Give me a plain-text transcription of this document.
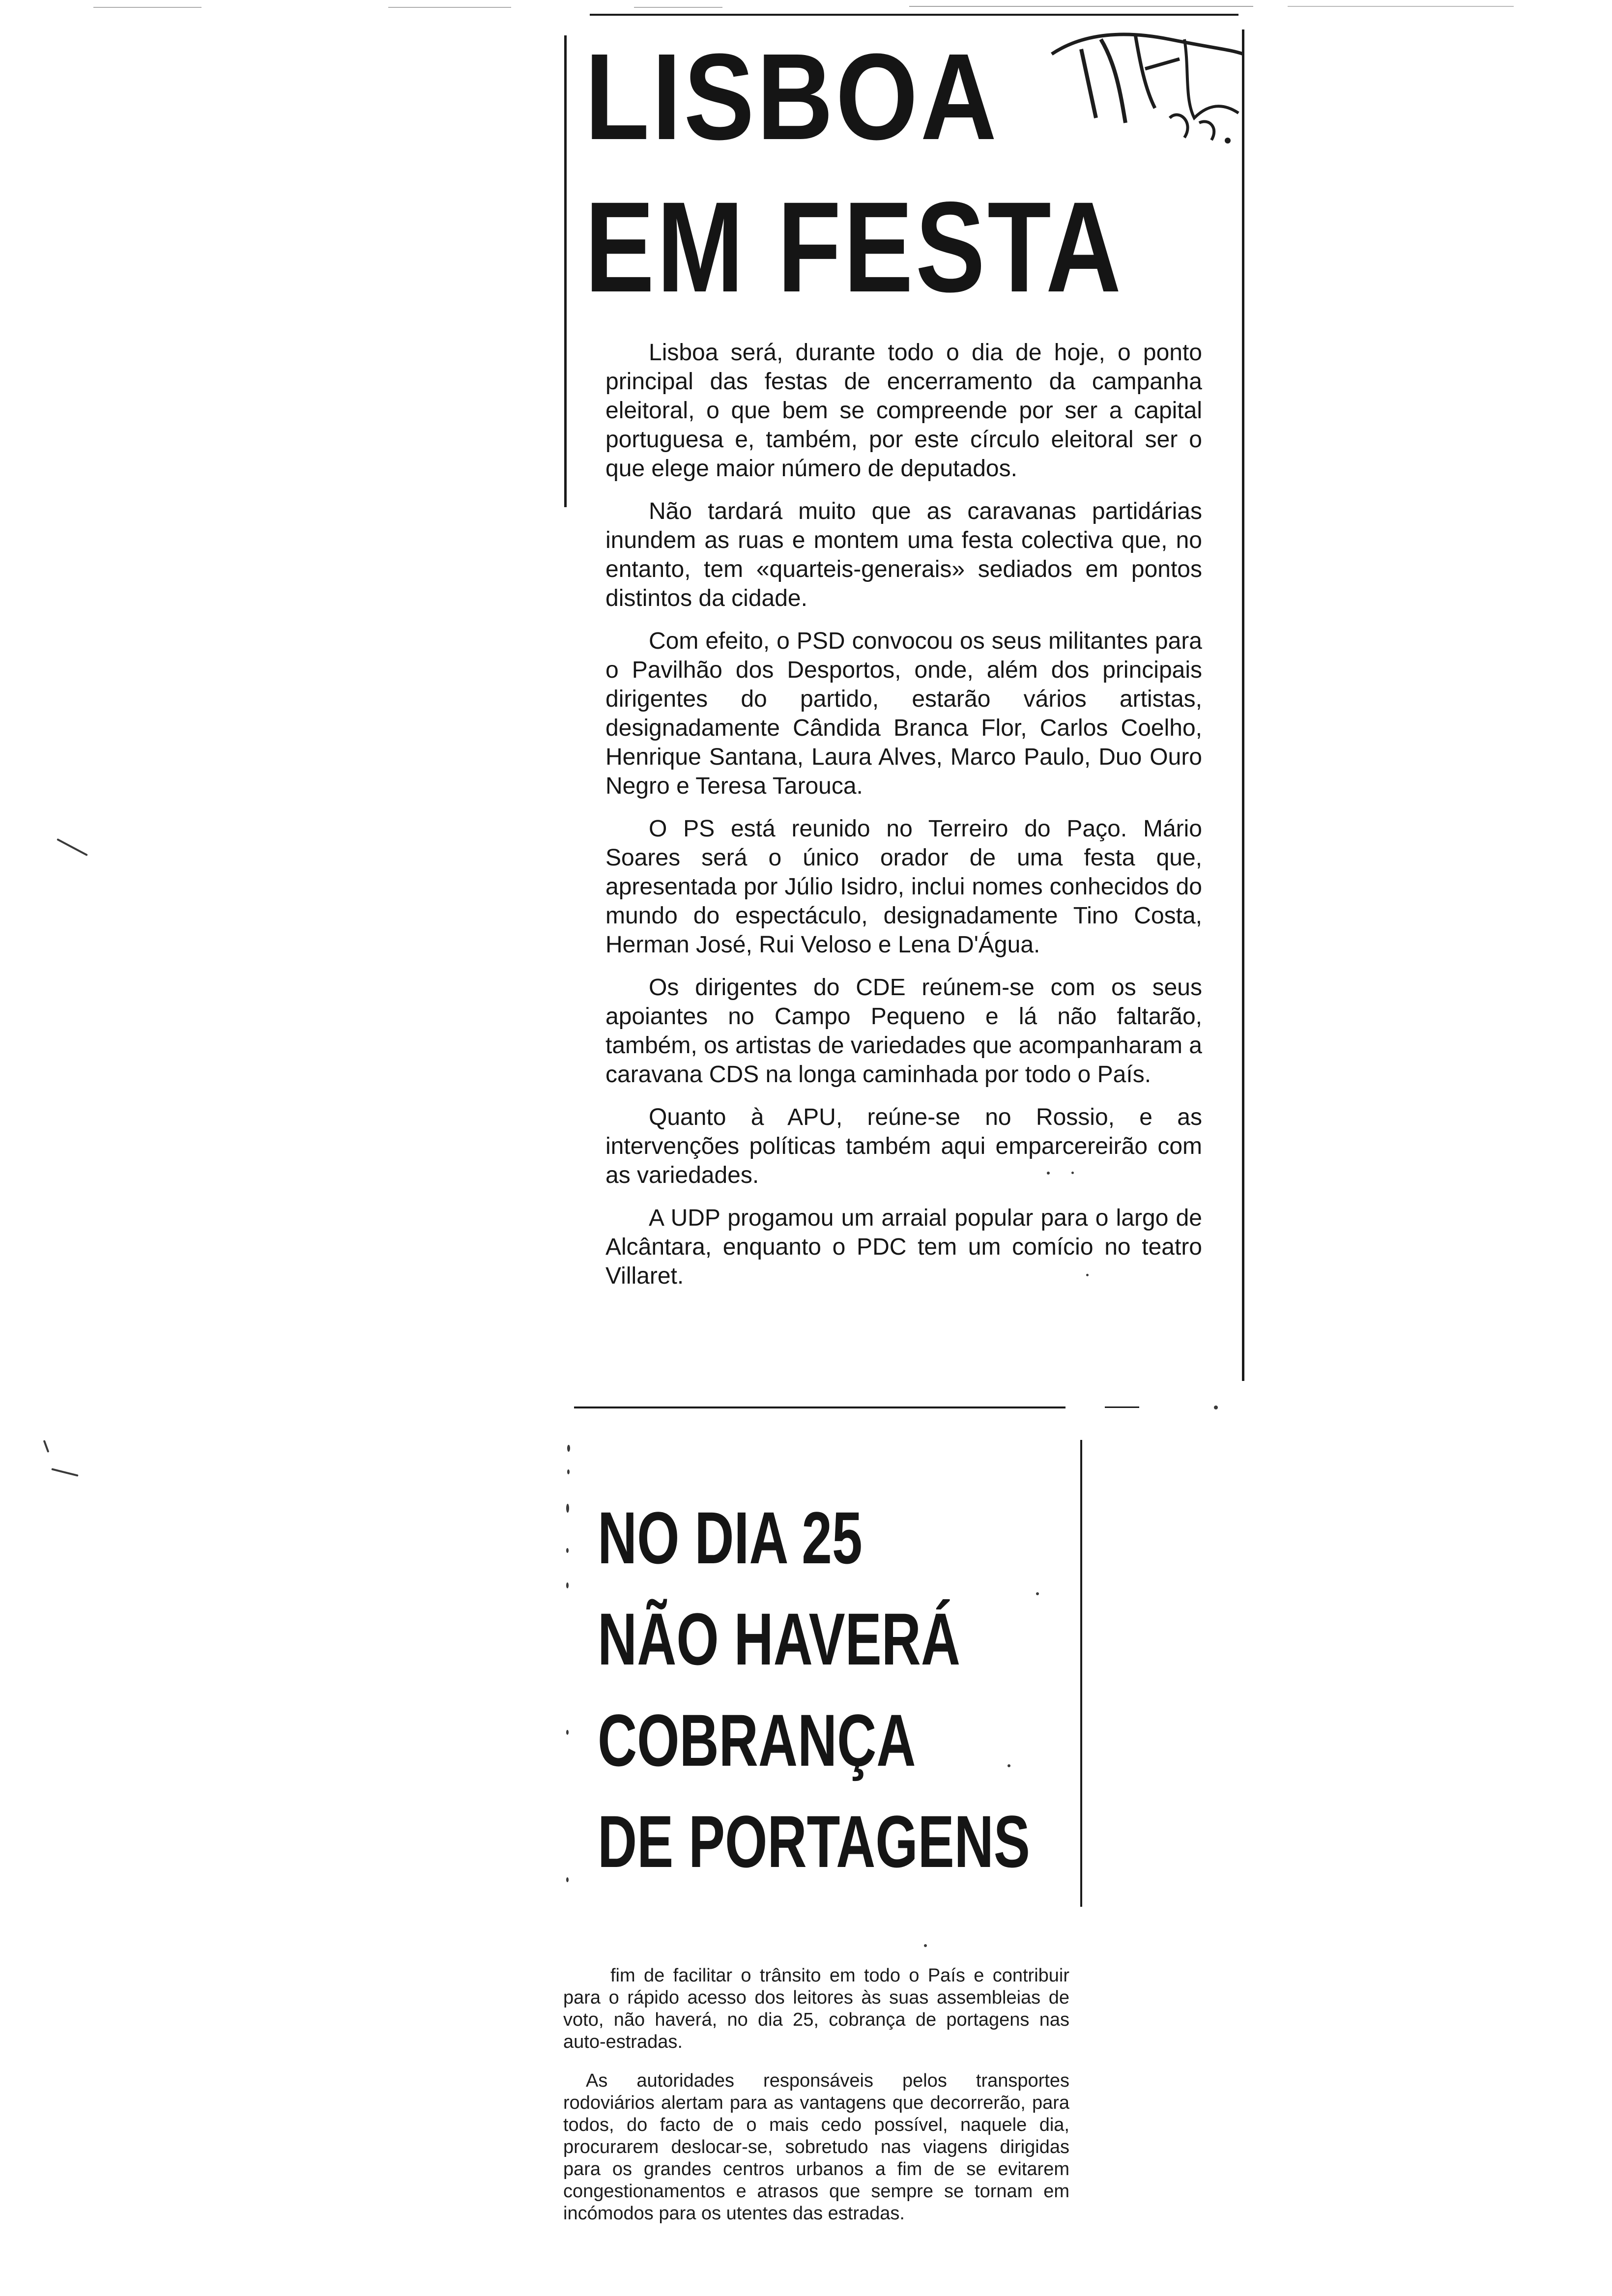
LISBOA
EM FESTA

Lisboa será, durante todo o dia de hoje, o ponto principal das festas de encerramento da campanha eleitoral, o que bem se compreende por ser a capital portuguesa e, também, por este círculo eleitoral ser o que elege maior número de deputados.

Não tardará muito que as caravanas partidárias inundem as ruas e montem uma festa colectiva que, no entanto, tem «quarteis-generais» sediados em pontos distintos da cidade.

Com efeito, o PSD convocou os seus militantes para o Pavilhão dos Desportos, onde, além dos principais dirigentes do partido, estarão vários artistas, designadamente Cândida Branca Flor, Carlos Coelho, Henrique Santana, Laura Alves, Marco Paulo, Duo Ouro Negro e Teresa Tarouca.

O PS está reunido no Terreiro do Paço. Mário Soares será o único orador de uma festa que, apresentada por Júlio Isidro, inclui nomes conhecidos do mundo do espectáculo, designadamente Tino Costa, Herman José, Rui Veloso e Lena D'Água.

Os dirigentes do CDE reúnem-se com os seus apoiantes no Campo Pequeno e lá não faltarão, também, os artistas de variedades que acompanharam a caravana CDS na longa caminhada por todo o País.

Quanto à APU, reúne-se no Rossio, e as intervenções políticas também aqui emparcereirão com as variedades.

A UDP progamou um arraial popular para o largo de Alcântara, enquanto o PDC tem um comício no teatro Villaret.

NO DIA 25
NÃO HAVERÁ
COBRANÇA
DE PORTAGENS

fim de facilitar o trânsito em todo o País e contribuir para o rápido acesso dos leitores às suas assembleias de voto, não haverá, no dia 25, cobrança de portagens nas auto-estradas.

As autoridades responsáveis pelos transportes rodoviários alertam para as vantagens que decorrerão, para todos, do facto de o mais cedo possível, naquele dia, procurarem deslocar-se, sobretudo nas viagens dirigidas para os grandes centros urbanos a fim de se evitarem congestionamentos e atrasos que sempre se tornam em incómodos para os utentes das estradas.
